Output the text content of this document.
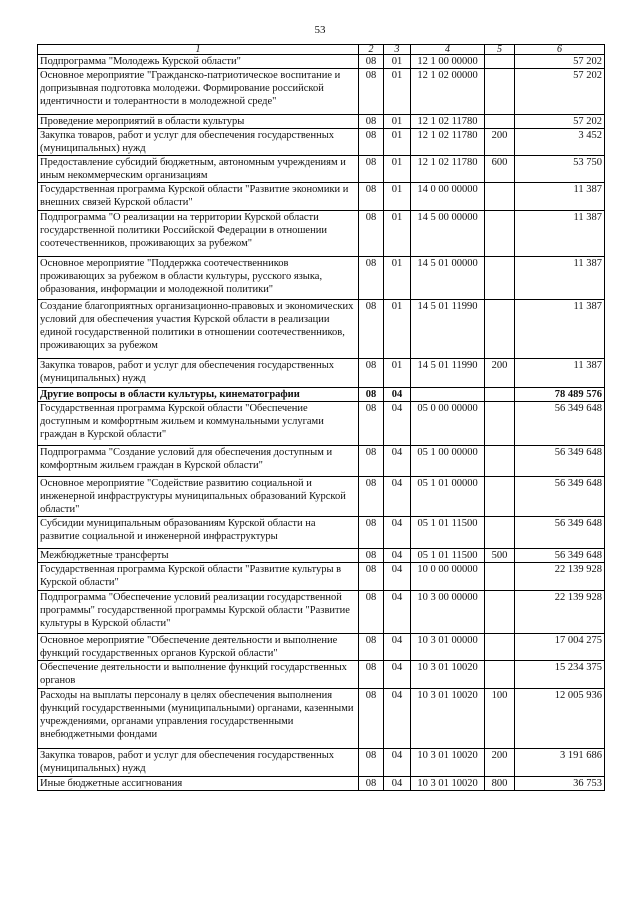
53
1	2	3	4	5	6
Подпрограмма "Молодежь Курской области"	08	01	12 1 00 00000		57 202
Основное мероприятие "Гражданско-патриотическое воспитание и допризывная подготовка молодежи. Формирование российской идентичности и толерантности в молодежной среде"	08	01	12 1 02 00000		57 202
Проведение мероприятий в области культуры	08	01	12 1 02 11780		57 202
Закупка товаров, работ и услуг для обеспечения государственных (муниципальных) нужд	08	01	12 1 02 11780	200	3 452
Предоставление субсидий бюджетным, автономным учреждениям и иным некоммерческим организациям	08	01	12 1 02 11780	600	53 750
Государственная программа Курской области "Развитие экономики и внешних связей Курской области"	08	01	14 0 00 00000		11 387
Подпрограмма "О реализации на территории Курской области государственной политики Российской Федерации в отношении соотечественников, проживающих за рубежом"	08	01	14 5 00 00000		11 387
Основное мероприятие "Поддержка соотечественников проживающих за рубежом в области культуры, русского языка, образования, информации и молодежной политики"	08	01	14 5 01 00000		11 387
Создание благоприятных организационно-правовых и экономических условий для обеспечения участия Курской области в реализации единой государственной политики в отношении соотечественников, проживающих за рубежом	08	01	14 5 01 11990		11 387
Закупка товаров, работ и услуг для обеспечения государственных (муниципальных) нужд	08	01	14 5 01 11990	200	11 387
Другие вопросы в области культуры, кинематографии	08	04			78 489 576
Государственная программа Курской области "Обеспечение доступным и комфортным жильем и коммунальными услугами граждан в Курской области"	08	04	05 0 00 00000		56 349 648
Подпрограмма "Создание условий для обеспечения доступным и комфортным жильем граждан в Курской области"	08	04	05 1 00 00000		56 349 648
Основное мероприятие "Содействие развитию социальной и инженерной инфраструктуры муниципальных образований Курской области"	08	04	05 1 01 00000		56 349 648
Субсидии муниципальным образованиям Курской области на развитие социальной и инженерной инфраструктуры	08	04	05 1 01 11500		56 349 648
Межбюджетные трансферты	08	04	05 1 01 11500	500	56 349 648
Государственная программа Курской области "Развитие культуры в Курской области"	08	04	10 0 00 00000		22 139 928
Подпрограмма "Обеспечение условий реализации государственной программы" государственной программы Курской области "Развитие культуры в Курской области"	08	04	10 3 00 00000		22 139 928
Основное мероприятие "Обеспечение деятельности и выполнение функций государственных органов Курской области"	08	04	10 3 01 00000		17 004 275
Обеспечение деятельности и выполнение функций государственных органов	08	04	10 3 01 10020		15 234 375
Расходы на выплаты персоналу в целях обеспечения выполнения функций государственными (муниципальными) органами, казенными учреждениями, органами управления государственными внебюджетными фондами	08	04	10 3 01 10020	100	12 005 936
Закупка товаров, работ и услуг для обеспечения государственных (муниципальных) нужд	08	04	10 3 01 10020	200	3 191 686
Иные бюджетные ассигнования	08	04	10 3 01 10020	800	36 753
